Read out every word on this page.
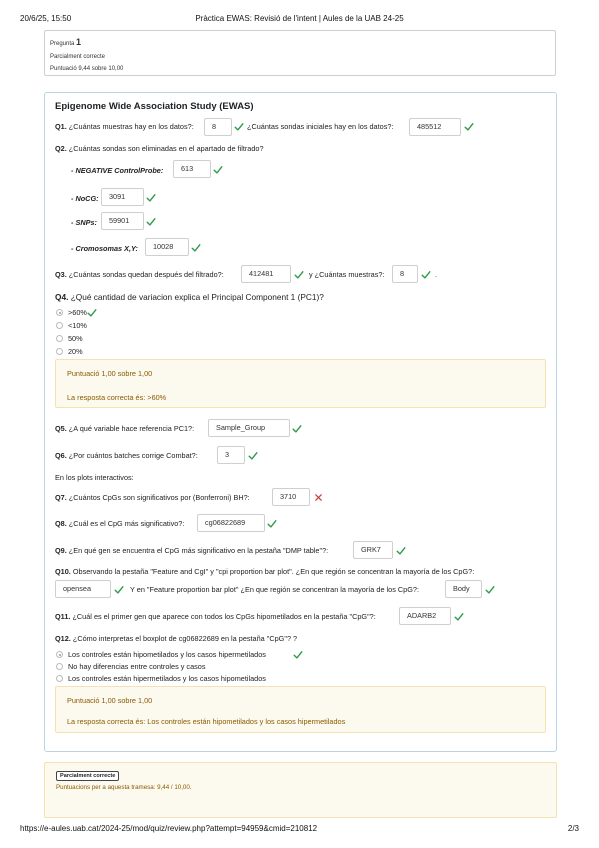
20/6/25, 15:50	Pràctica EWAS: Revisió de l'intent | Aules de la UAB 24-25
Pregunta 1
Parcialment correcte
Puntuació 9,44 sobre 10,00
Epigenome Wide Association Study (EWAS)
Q1. ¿Cuántas muestras hay en los datos?:	8	¿Cuántas sondas iniciales hay en los datos?:	485512
Q2. ¿Cuántas sondas son eliminadas en el apartado de filtrado?
- NEGATIVE ControlProbe:	613
- NoCG:	3091
- SNPs:	59901
- Cromosomas X,Y:	10028
Q3. ¿Cuántas sondas quedan después del filtrado?:	412481	y ¿Cuántas muestras?:	8	.
Q4. ¿Qué cantidad de variacion explica el Principal Component 1 (PC1)?
>60%
<10%
50%
20%
Puntuació 1,00 sobre 1,00
La resposta correcta és: >60%
Q5. ¿A qué variable hace referencia PC1?:	Sample_Group
Q6. ¿Por cuántos batches corrige Combat?:	3
En los plots interactivos:
Q7. ¿Cuántos CpGs son significativos por (Bonferroni) BH?:	3710
Q8. ¿Cuál es el CpG más significativo?:	cg06822689
Q9. ¿En qué gen se encuentra el CpG más significativo en la pestaña "DMP table"?:	GRK7
Q10. Observando la pestaña "Feature and CgI" y "cpi proportion bar plot". ¿En que región se concentran la mayoría de los CpG?:
opensea	Y en "Feature proportion bar plot" ¿En que región se concentran la mayoría de los CpG?:	Body
Q11. ¿Cuál es el primer gen que aparece con todos los CpGs hipometilados en la pestaña "CpG"?:	ADARB2
Q12. ¿Cómo interpretas el boxplot de cg06822689 en la pestaña "CpG"? ?
Los controles están hipometilados y los casos hipermetilados
No hay diferencias entre controles y casos
Los controles están hipermetilados y los casos hipometilados
Puntuació 1,00 sobre 1,00
La resposta correcta és: Los controles están hipometilados y los casos hipermetilados
Parcialment correcte
Puntuacions per a aquesta tramesa: 9,44 / 10,00.
https://e-aules.uab.cat/2024-25/mod/quiz/review.php?attempt=94959&cmid=210812	2/3
